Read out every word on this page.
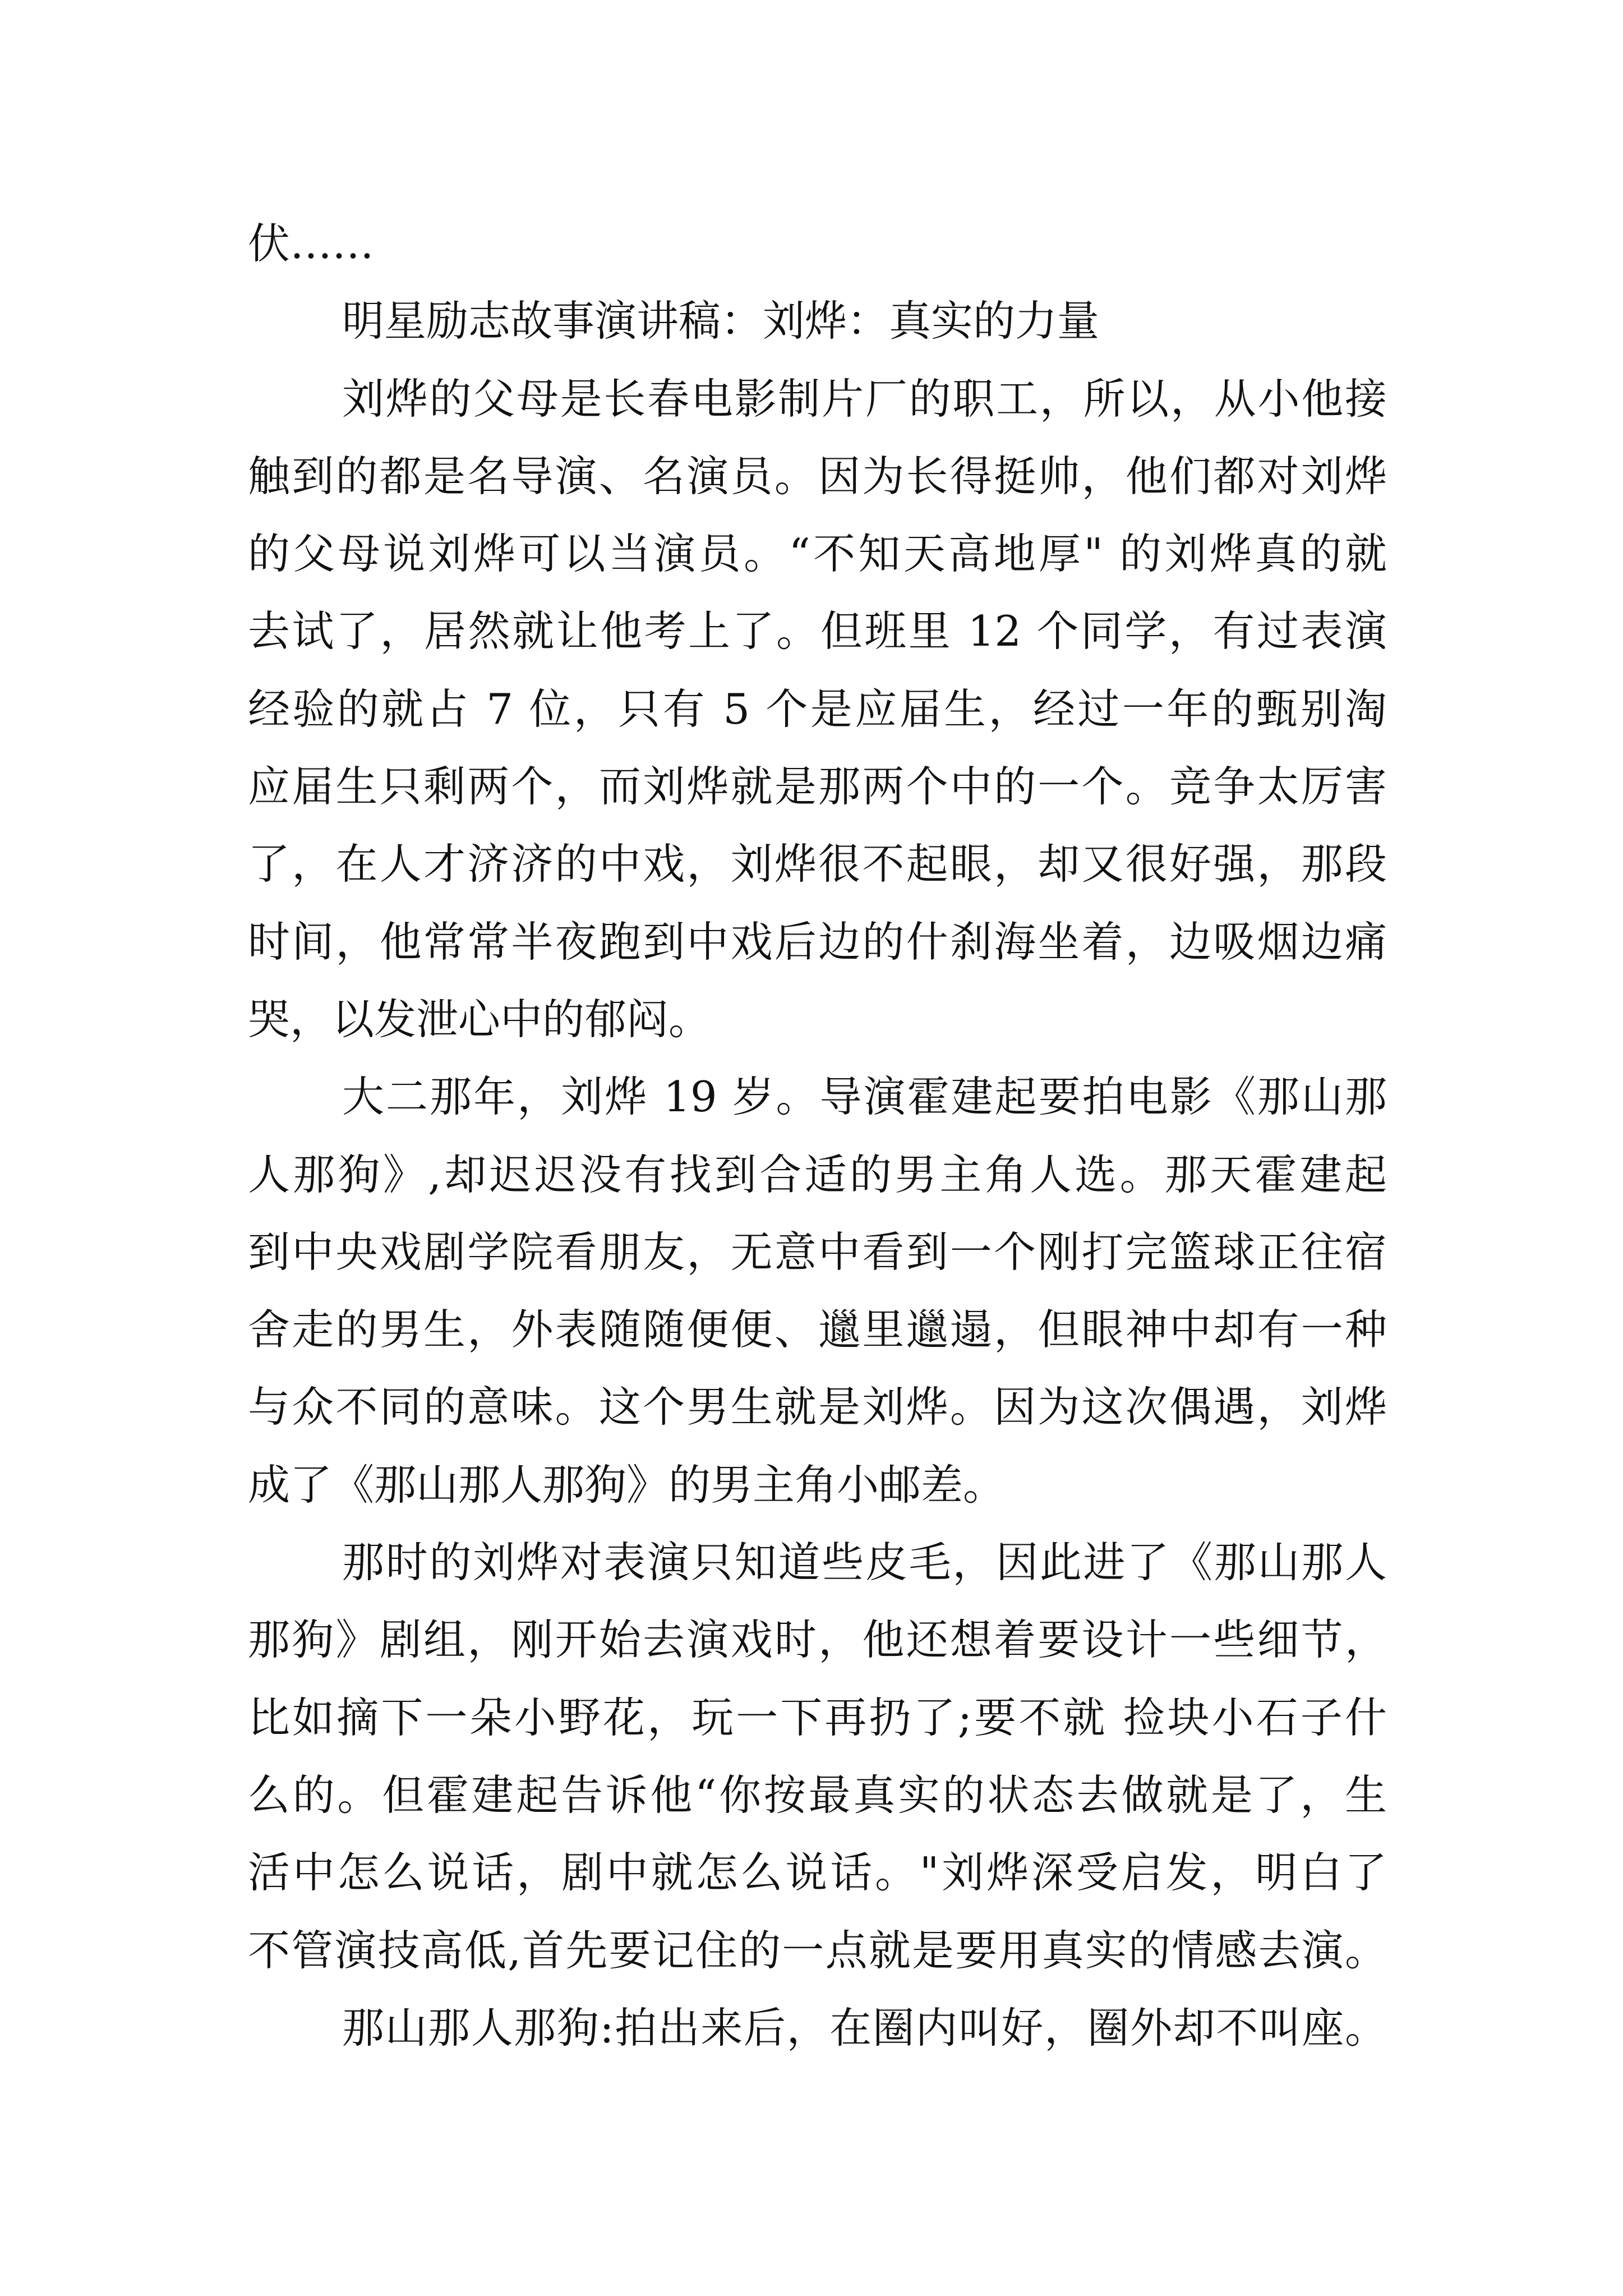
伏……
明星励志故事演讲稿：刘烨：真实的力量
刘烨的父母是长春电影制片厂的职工，所以，从小他接
触到的都是名导演、名演员。因为长得挺帅，他们都对刘烨
的父母说刘烨可以当演员。“不知天高地厚" 的刘烨真的就
去试了，居然就让他考上了。但班里 12 个同学，有过表演
经验的就占 7 位，只有 5 个是应届生，经过一年的甄别淘
应届生只剩两个，而刘烨就是那两个中的一个。竞争太厉害
了，在人才济济的中戏，刘烨很不起眼，却又很好强，那段
时间，他常常半夜跑到中戏后边的什刹海坐着，边吸烟边痛
哭，以发泄心中的郁闷。
大二那年，刘烨 19 岁。导演霍建起要拍电影《那山那
人那狗》,却迟迟没有找到合适的男主角人选。那天霍建起
到中央戏剧学院看朋友，无意中看到一个刚打完篮球正往宿
舍走的男生，外表随随便便、邋里邋遢，但眼神中却有一种
与众不同的意味。这个男生就是刘烨。因为这次偶遇，刘烨
成了《那山那人那狗》的男主角小邮差。
那时的刘烨对表演只知道些皮毛，因此进了《那山那人
那狗》剧组，刚开始去演戏时，他还想着要设计一些细节，
比如摘下一朵小野花，玩一下再扔了;要不就 捡块小石子什
么的。但霍建起告诉他“你按最真实的状态去做就是了，生
活中怎么说话，剧中就怎么说话。"刘烨深受启发，明白了
不管演技高低,首先要记住的一点就是要用真实的情感去演。
那山那人那狗:拍出来后，在圈内叫好，圈外却不叫座。
